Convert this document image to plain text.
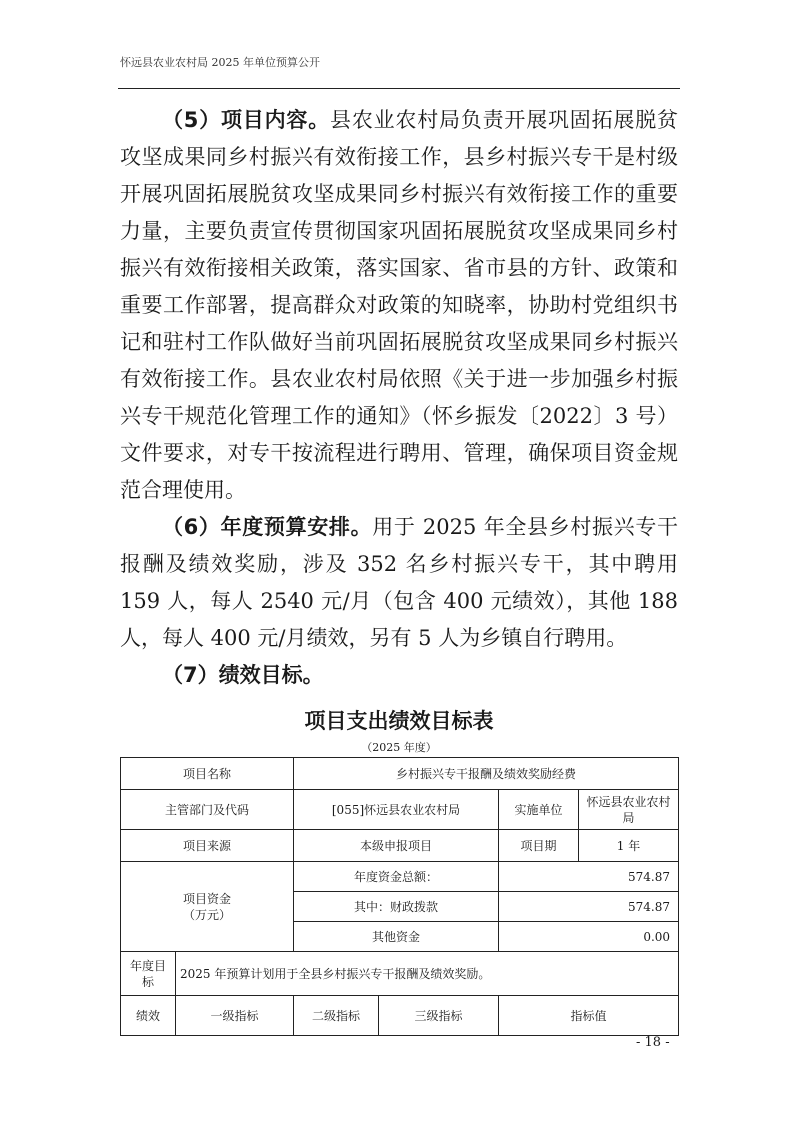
怀远县农业农村局 2025 年单位预算公开

（5）项目内容。县农业农村局负责开展巩固拓展脱贫攻坚成果同乡村振兴有效衔接工作，县乡村振兴专干是村级开展巩固拓展脱贫攻坚成果同乡村振兴有效衔接工作的重要力量，主要负责宣传贯彻国家巩固拓展脱贫攻坚成果同乡村振兴有效衔接相关政策，落实国家、省市县的方针、政策和重要工作部署，提高群众对政策的知晓率，协助村党组织书记和驻村工作队做好当前巩固拓展脱贫攻坚成果同乡村振兴有效衔接工作。县农业农村局依照《关于进一步加强乡村振兴专干规范化管理工作的通知》（怀乡振发〔2022〕3 号）文件要求，对专干按流程进行聘用、管理，确保项目资金规范合理使用。

（6）年度预算安排。用于 2025 年全县乡村振兴专干报酬及绩效奖励，涉及 352 名乡村振兴专干，其中聘用 159 人，每人 2540 元/月（包含 400 元绩效），其他 188 人，每人 400 元/月绩效，另有 5 人为乡镇自行聘用。

（7）绩效目标。

项目支出绩效目标表
（2025 年度）
项目名称		乡村振兴专干报酬及绩效奖励经费			
主管部门及代码		[055]怀远县农业农村局		实施单位	怀远县农业农村局
项目来源		本级申报项目		项目期	1 年

项目资金
（万元）		年度资金总额：		574.87	
		其中：财政拨款		574.87	
		其他资金		0.00	
年度目标	2025 年预算计划用于全县乡村振兴专干报酬及绩效奖励。				
绩效	一级指标	二级指标	三级指标	指标值	
- 18 -
